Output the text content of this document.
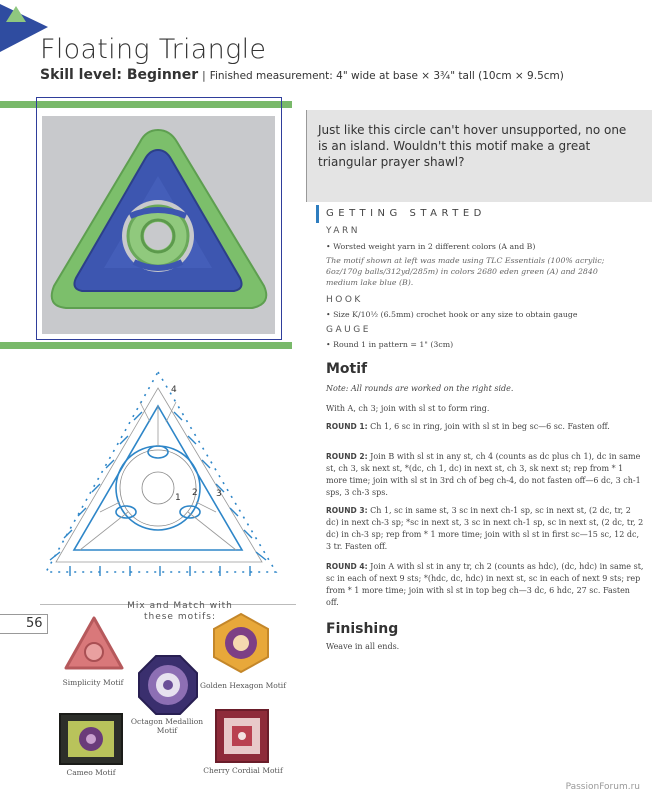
Floating Triangle
Skill level: Beginner | Finished measurement: 4" wide at base × 3¾" tall (10cm × 9.5cm)
Just like this circle can't hover unsupported, no one is an island. Wouldn't this motif make a great triangular prayer shawl?
GETTING STARTED
YARN
• Worsted weight yarn in 2 different colors (A and B)
The motif shown at left was made using TLC Essentials (100% acrylic; 6oz/170g balls/312yd/285m) in colors 2680 eden green (A) and 2840 medium lake blue (B).
HOOK
• Size K/10½ (6.5mm) crochet hook or any size to obtain gauge
GAUGE
• Round 1 in pattern = 1" (3cm)
Motif
Note: All rounds are worked on the right side.
With A, ch 3; join with sl st to form ring.
ROUND 1: Ch 1, 6 sc in ring, join with sl st in beg sc—6 sc. Fasten off.
ROUND 2: Join B with sl st in any st, ch 4 (counts as dc plus ch 1), dc in same st, ch 3, sk next st, *(dc, ch 1, dc) in next st, ch 3, sk next st; rep from * 1 more time; join with sl st in 3rd ch of beg ch-4, do not fasten off—6 dc, 3 ch-1 sps, 3 ch-3 sps.
ROUND 3: Ch 1, sc in same st, 3 sc in next ch-1 sp, sc in next st, (2 dc, tr, 2 dc) in next ch-3 sp; *sc in next st, 3 sc in next ch-1 sp, sc in next st, (2 dc, tr, 2 dc) in ch-3 sp; rep from * 1 more time; join with sl st in first sc—15 sc, 12 dc, 3 tr. Fasten off.
ROUND 4: Join A with sl st in any tr, ch 2 (counts as hdc), (dc, hdc) in same st, sc in each of next 9 sts; *(hdc, dc, hdc) in next st, sc in each of next 9 sts; rep from * 1 more time; join with sl st in top beg ch—3 dc, 6 hdc, 27 sc. Fasten off.
Finishing
Weave in all ends.
4
2 3
1
56
Mix and Match with these motifs:
Simplicity Motif	Golden Hexagon Motif
Octagon Medallion Motif
Cameo Motif	Cherry Cordial Motif
PassionForum.ru
